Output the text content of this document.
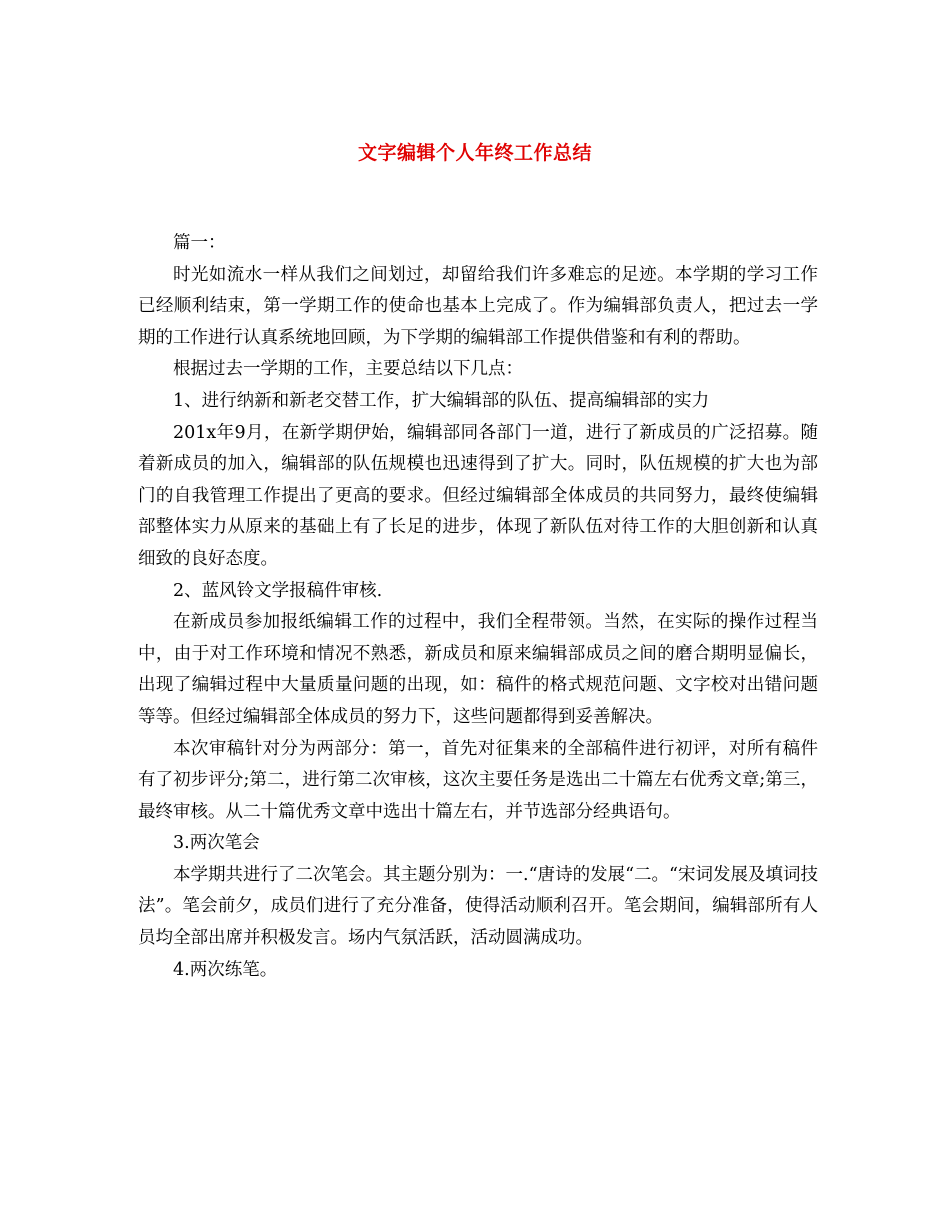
文字编辑个人年终工作总结

篇一：

时光如流水一样从我们之间划过，却留给我们许多难忘的足迹。本学期的学习工作已经顺利结束，第一学期工作的使命也基本上完成了。作为编辑部负责人，把过去一学期的工作进行认真系统地回顾，为下学期的编辑部工作提供借鉴和有利的帮助。

根据过去一学期的工作，主要总结以下几点：

1、进行纳新和新老交替工作，扩大编辑部的队伍、提高编辑部的实力

201x年9月，在新学期伊始，编辑部同各部门一道，进行了新成员的广泛招募。随着新成员的加入，编辑部的队伍规模也迅速得到了扩大。同时，队伍规模的扩大也为部门的自我管理工作提出了更高的要求。但经过编辑部全体成员的共同努力，最终使编辑部整体实力从原来的基础上有了长足的进步，体现了新队伍对待工作的大胆创新和认真细致的良好态度。

2、蓝风铃文学报稿件审核.

在新成员参加报纸编辑工作的过程中，我们全程带领。当然，在实际的操作过程当中，由于对工作环境和情况不熟悉，新成员和原来编辑部成员之间的磨合期明显偏长，出现了编辑过程中大量质量问题的出现，如：稿件的格式规范问题、文字校对出错问题等等。但经过编辑部全体成员的努力下，这些问题都得到妥善解决。

本次审稿针对分为两部分：第一，首先对征集来的全部稿件进行初评，对所有稿件有了初步评分;第二，进行第二次审核，这次主要任务是选出二十篇左右优秀文章;第三，最终审核。从二十篇优秀文章中选出十篇左右，并节选部分经典语句。

3.两次笔会

本学期共进行了二次笔会。其主题分别为：一.“唐诗的发展“二。“宋词发展及填词技法”。笔会前夕，成员们进行了充分准备，使得活动顺利召开。笔会期间，编辑部所有人员均全部出席并积极发言。场内气氛活跃，活动圆满成功。

4.两次练笔。
